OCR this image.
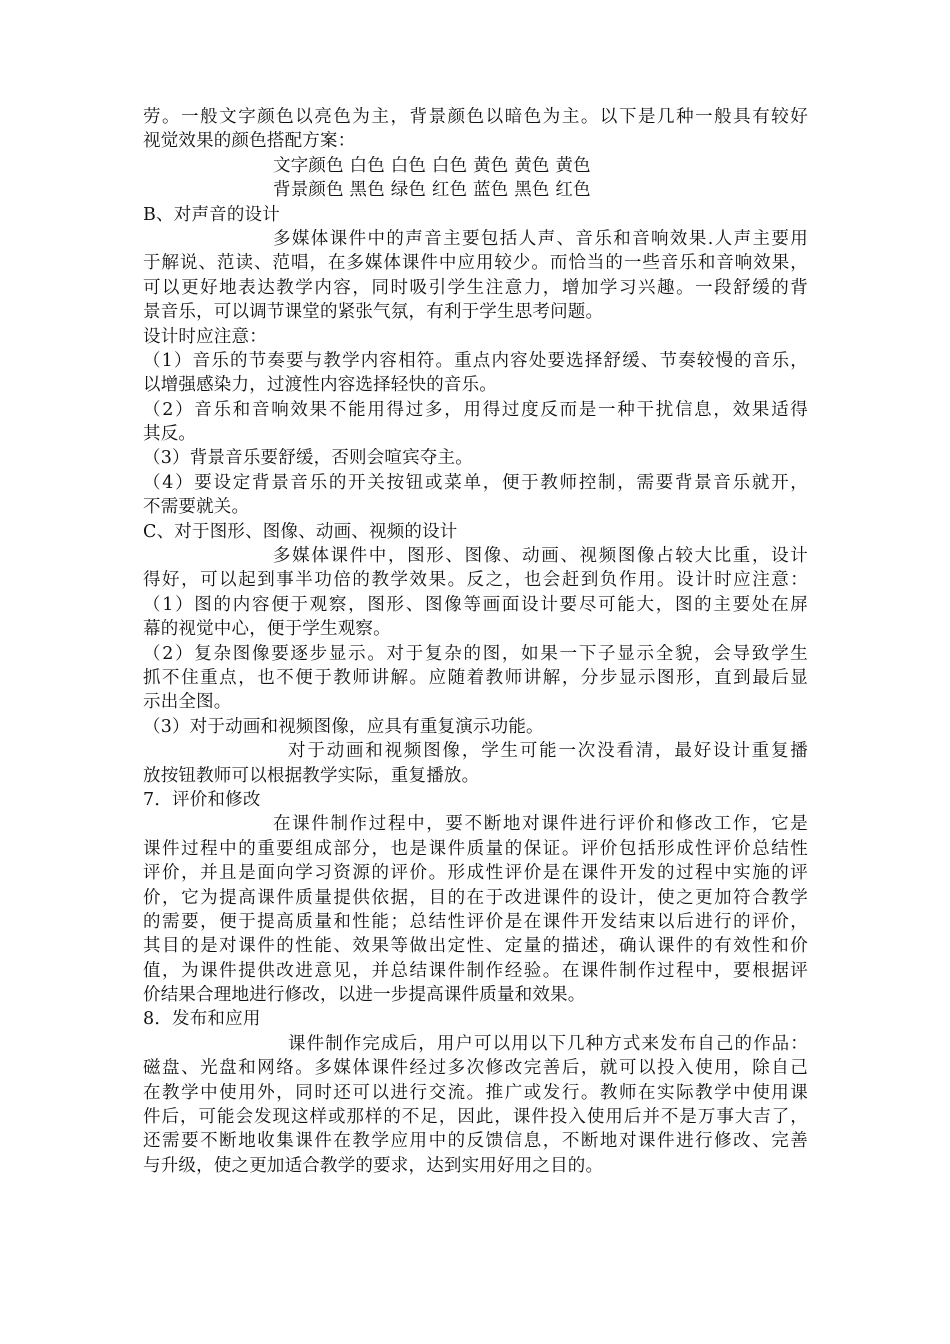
劳。一般文字颜色以亮色为主，背景颜色以暗色为主。以下是几种一般具有较好
视觉效果的颜色搭配方案：
文字颜色 白色 白色 白色 黄色 黄色 黄色
背景颜色 黑色 绿色 红色 蓝色 黑色 红色
B、对声音的设计
多媒体课件中的声音主要包括人声、音乐和音响效果.人声主要用
于解说、范读、范唱，在多媒体课件中应用较少。而恰当的一些音乐和音响效果，
可以更好地表达教学内容，同时吸引学生注意力，增加学习兴趣。一段舒缓的背
景音乐，可以调节课堂的紧张气氛，有利于学生思考问题。
设计时应注意：
（1）音乐的节奏要与教学内容相符。重点内容处要选择舒缓、节奏较慢的音乐，
以增强感染力，过渡性内容选择轻快的音乐。
（2）音乐和音响效果不能用得过多，用得过度反而是一种干扰信息，效果适得
其反。
（3）背景音乐要舒缓，否则会喧宾夺主。
（4）要设定背景音乐的开关按钮或菜单，便于教师控制，需要背景音乐就开，
不需要就关。
C、对于图形、图像、动画、视频的设计
多媒体课件中，图形、图像、动画、视频图像占较大比重，设计
得好，可以起到事半功倍的教学效果。反之，也会赶到负作用。设计时应注意：
（1）图的内容便于观察，图形、图像等画面设计要尽可能大，图的主要处在屏
幕的视觉中心，便于学生观察。
（2）复杂图像要逐步显示。对于复杂的图，如果一下子显示全貌，会导致学生
抓不住重点，也不便于教师讲解。应随着教师讲解，分步显示图形，直到最后显
示出全图。
（3）对于动画和视频图像，应具有重复演示功能。
对于动画和视频图像，学生可能一次没看清，最好设计重复播
放按钮教师可以根据教学实际，重复播放。
7．评价和修改
在课件制作过程中，要不断地对课件进行评价和修改工作，它是
课件过程中的重要组成部分，也是课件质量的保证。评价包括形成性评价总结性
评价，并且是面向学习资源的评价。形成性评价是在课件开发的过程中实施的评
价，它为提高课件质量提供依据，目的在于改进课件的设计，使之更加符合教学
的需要，便于提高质量和性能；总结性评价是在课件开发结束以后进行的评价，
其目的是对课件的性能、效果等做出定性、定量的描述，确认课件的有效性和价
值，为课件提供改进意见，并总结课件制作经验。在课件制作过程中，要根据评
价结果合理地进行修改，以进一步提高课件质量和效果。
8．发布和应用
课件制作完成后，用户可以用以下几种方式来发布自己的作品：
磁盘、光盘和网络。多媒体课件经过多次修改完善后，就可以投入使用，除自己
在教学中使用外，同时还可以进行交流。推广或发行。教师在实际教学中使用课
件后，可能会发现这样或那样的不足，因此，课件投入使用后并不是万事大吉了，
还需要不断地收集课件在教学应用中的反馈信息，不断地对课件进行修改、完善
与升级，使之更加适合教学的要求，达到实用好用之目的。
